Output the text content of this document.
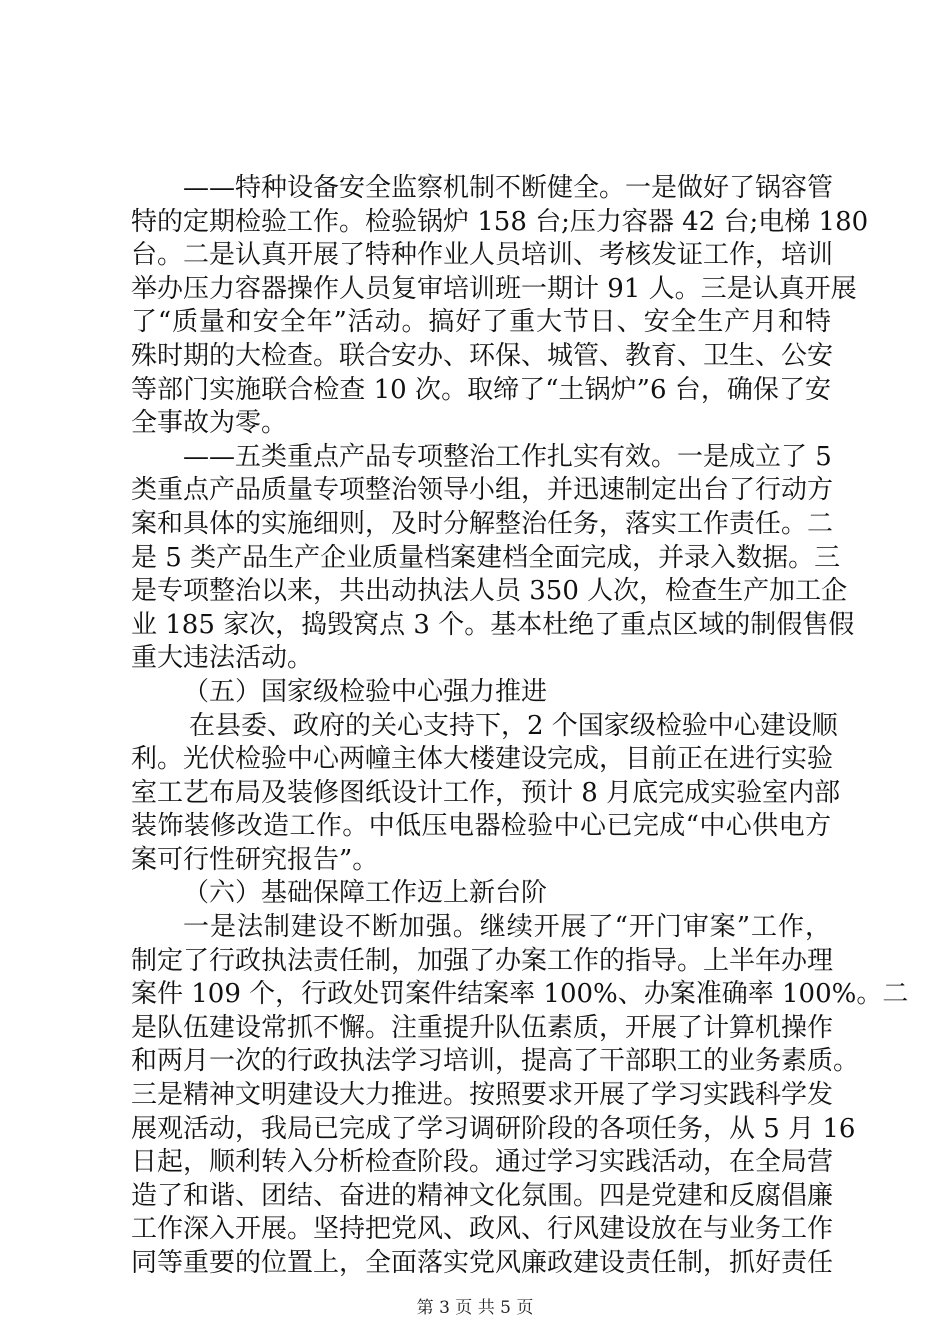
——特种设备安全监察机制不断健全。一是做好了锅容管
特的定期检验工作。检验锅炉 158 台;压力容器 42 台;电梯 180
台。二是认真开展了特种作业人员培训、考核发证工作，培训
举办压力容器操作人员复审培训班一期计 91 人。三是认真开展
了“质量和安全年”活动。搞好了重大节日、安全生产月和特
殊时期的大检查。联合安办、环保、城管、教育、卫生、公安
等部门实施联合检查 10 次。取缔了“土锅炉”6 台，确保了安
全事故为零。
——五类重点产品专项整治工作扎实有效。一是成立了 5
类重点产品质量专项整治领导小组，并迅速制定出台了行动方
案和具体的实施细则，及时分解整治任务，落实工作责任。二
是 5 类产品生产企业质量档案建档全面完成，并录入数据。三
是专项整治以来，共出动执法人员 350 人次，检查生产加工企
业 185 家次，捣毁窝点 3 个。基本杜绝了重点区域的制假售假
重大违法活动。
（五）国家级检验中心强力推进
在县委、政府的关心支持下，2 个国家级检验中心建设顺
利。光伏检验中心两幢主体大楼建设完成，目前正在进行实验
室工艺布局及装修图纸设计工作，预计 8 月底完成实验室内部
装饰装修改造工作。中低压电器检验中心已完成“中心供电方
案可行性研究报告”。
（六）基础保障工作迈上新台阶
一是法制建设不断加强。继续开展了“开门审案”工作，
制定了行政执法责任制，加强了办案工作的指导。上半年办理
案件 109 个，行政处罚案件结案率 100%、办案准确率 100%。二
是队伍建设常抓不懈。注重提升队伍素质，开展了计算机操作
和两月一次的行政执法学习培训，提高了干部职工的业务素质。
三是精神文明建设大力推进。按照要求开展了学习实践科学发
展观活动，我局已完成了学习调研阶段的各项任务，从 5 月 16
日起，顺利转入分析检查阶段。通过学习实践活动，在全局营
造了和谐、团结、奋进的精神文化氛围。四是党建和反腐倡廉
工作深入开展。坚持把党风、政风、行风建设放在与业务工作
同等重要的位置上，全面落实党风廉政建设责任制，抓好责任
第 3 页 共 5 页
